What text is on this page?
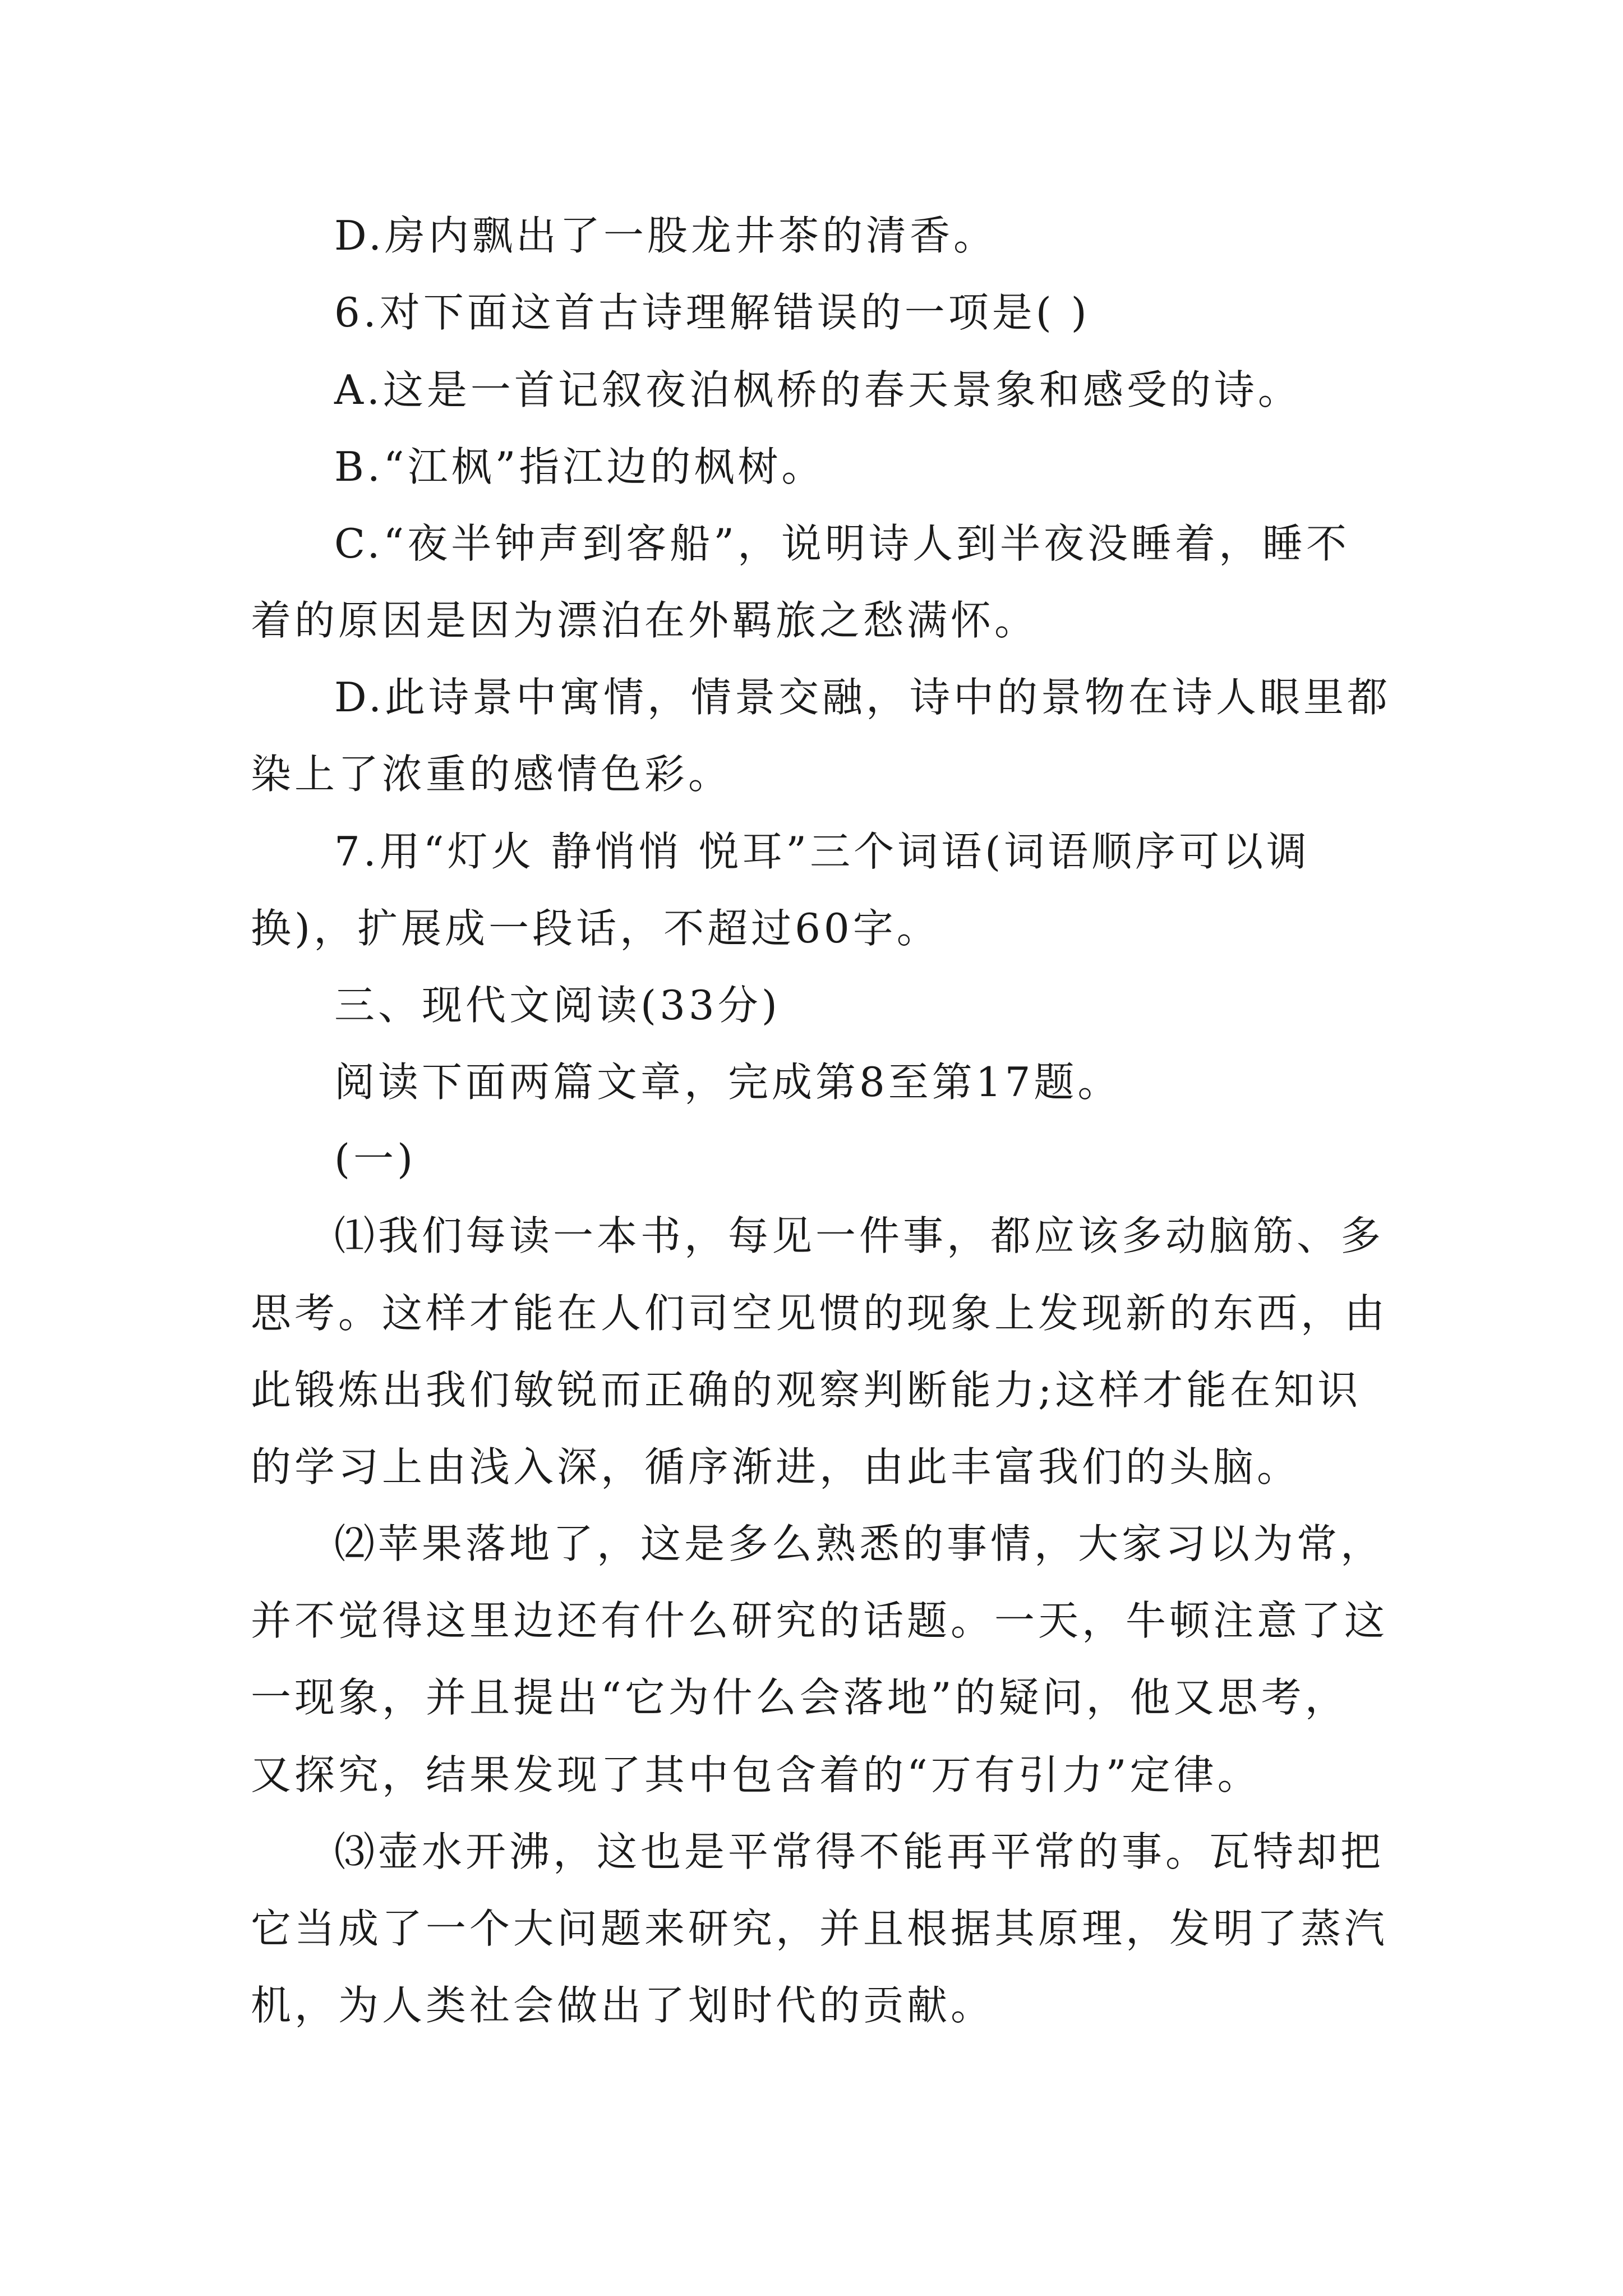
D.房内飘出了一股龙井茶的清香。
6.对下面这首古诗理解错误的一项是( )
A.这是一首记叙夜泊枫桥的春天景象和感受的诗。
B.“江枫”指江边的枫树。
C.“夜半钟声到客船”，说明诗人到半夜没睡着，睡不
着的原因是因为漂泊在外羁旅之愁满怀。
D.此诗景中寓情，情景交融，诗中的景物在诗人眼里都
染上了浓重的感情色彩。
7.用“灯火 静悄悄 悦耳”三个词语(词语顺序可以调
换)，扩展成一段话，不超过60字。
三、现代文阅读(33分)
阅读下面两篇文章，完成第8至第17题。
(一)
⑴我们每读一本书，每见一件事，都应该多动脑筋、多
思考。这样才能在人们司空见惯的现象上发现新的东西，由
此锻炼出我们敏锐而正确的观察判断能力;这样才能在知识
的学习上由浅入深，循序渐进，由此丰富我们的头脑。
⑵苹果落地了，这是多么熟悉的事情，大家习以为常，
并不觉得这里边还有什么研究的话题。一天，牛顿注意了这
一现象，并且提出“它为什么会落地”的疑问，他又思考，
又探究，结果发现了其中包含着的“万有引力”定律。
⑶壶水开沸，这也是平常得不能再平常的事。瓦特却把
它当成了一个大问题来研究，并且根据其原理，发明了蒸汽
机，为人类社会做出了划时代的贡献。
